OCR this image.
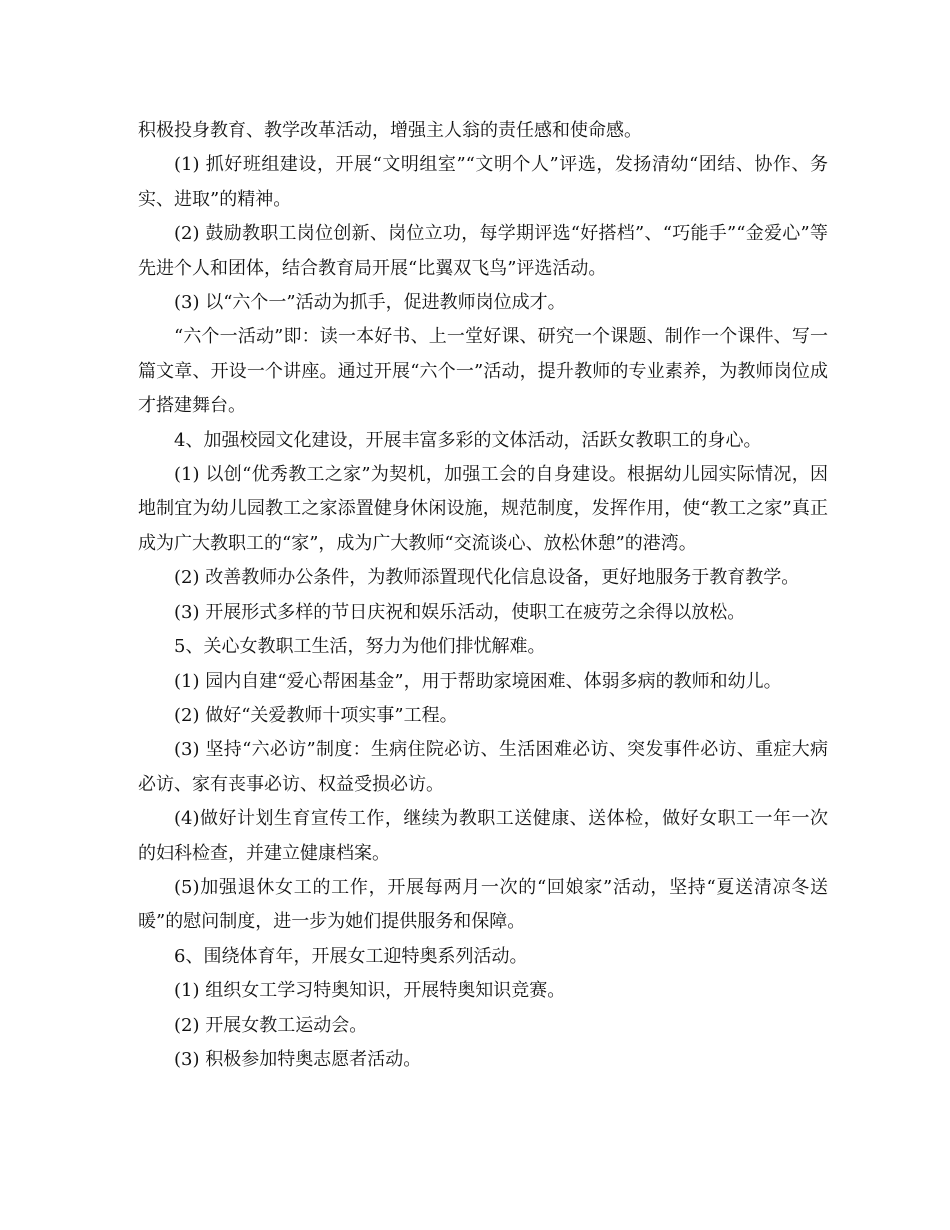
积极投身教育、教学改革活动，增强主人翁的责任感和使命感。

(1) 抓好班组建设，开展“文明组室”“文明个人”评选，发扬清幼“团结、协作、务实、进取”的精神。

(2) 鼓励教职工岗位创新、岗位立功，每学期评选“好搭档”、“巧能手”“金爱心”等先进个人和团体，结合教育局开展“比翼双飞鸟”评选活动。

(3) 以“六个一”活动为抓手，促进教师岗位成才。

“六个一活动”即：读一本好书、上一堂好课、研究一个课题、制作一个课件、写一篇文章、开设一个讲座。通过开展“六个一”活动，提升教师的专业素养，为教师岗位成才搭建舞台。

4、加强校园文化建设，开展丰富多彩的文体活动，活跃女教职工的身心。

(1) 以创“优秀教工之家”为契机，加强工会的自身建设。根据幼儿园实际情况，因地制宜为幼儿园教工之家添置健身休闲设施，规范制度，发挥作用，使“教工之家”真正成为广大教职工的“家”，成为广大教师“交流谈心、放松休憩”的港湾。

(2) 改善教师办公条件，为教师添置现代化信息设备，更好地服务于教育教学。

(3) 开展形式多样的节日庆祝和娱乐活动，使职工在疲劳之余得以放松。

5、关心女教职工生活，努力为他们排忧解难。

(1) 园内自建“爱心帮困基金”，用于帮助家境困难、体弱多病的教师和幼儿。

(2) 做好“关爱教师十项实事”工程。

(3) 坚持“六必访”制度：生病住院必访、生活困难必访、突发事件必访、重症大病必访、家有丧事必访、权益受损必访。

(4)做好计划生育宣传工作，继续为教职工送健康、送体检，做好女职工一年一次的妇科检查，并建立健康档案。

(5)加强退休女工的工作，开展每两月一次的“回娘家”活动，坚持“夏送清凉冬送暖”的慰问制度，进一步为她们提供服务和保障。

6、围绕体育年，开展女工迎特奥系列活动。

(1) 组织女工学习特奥知识，开展特奥知识竞赛。

(2) 开展女教工运动会。

(3) 积极参加特奥志愿者活动。
